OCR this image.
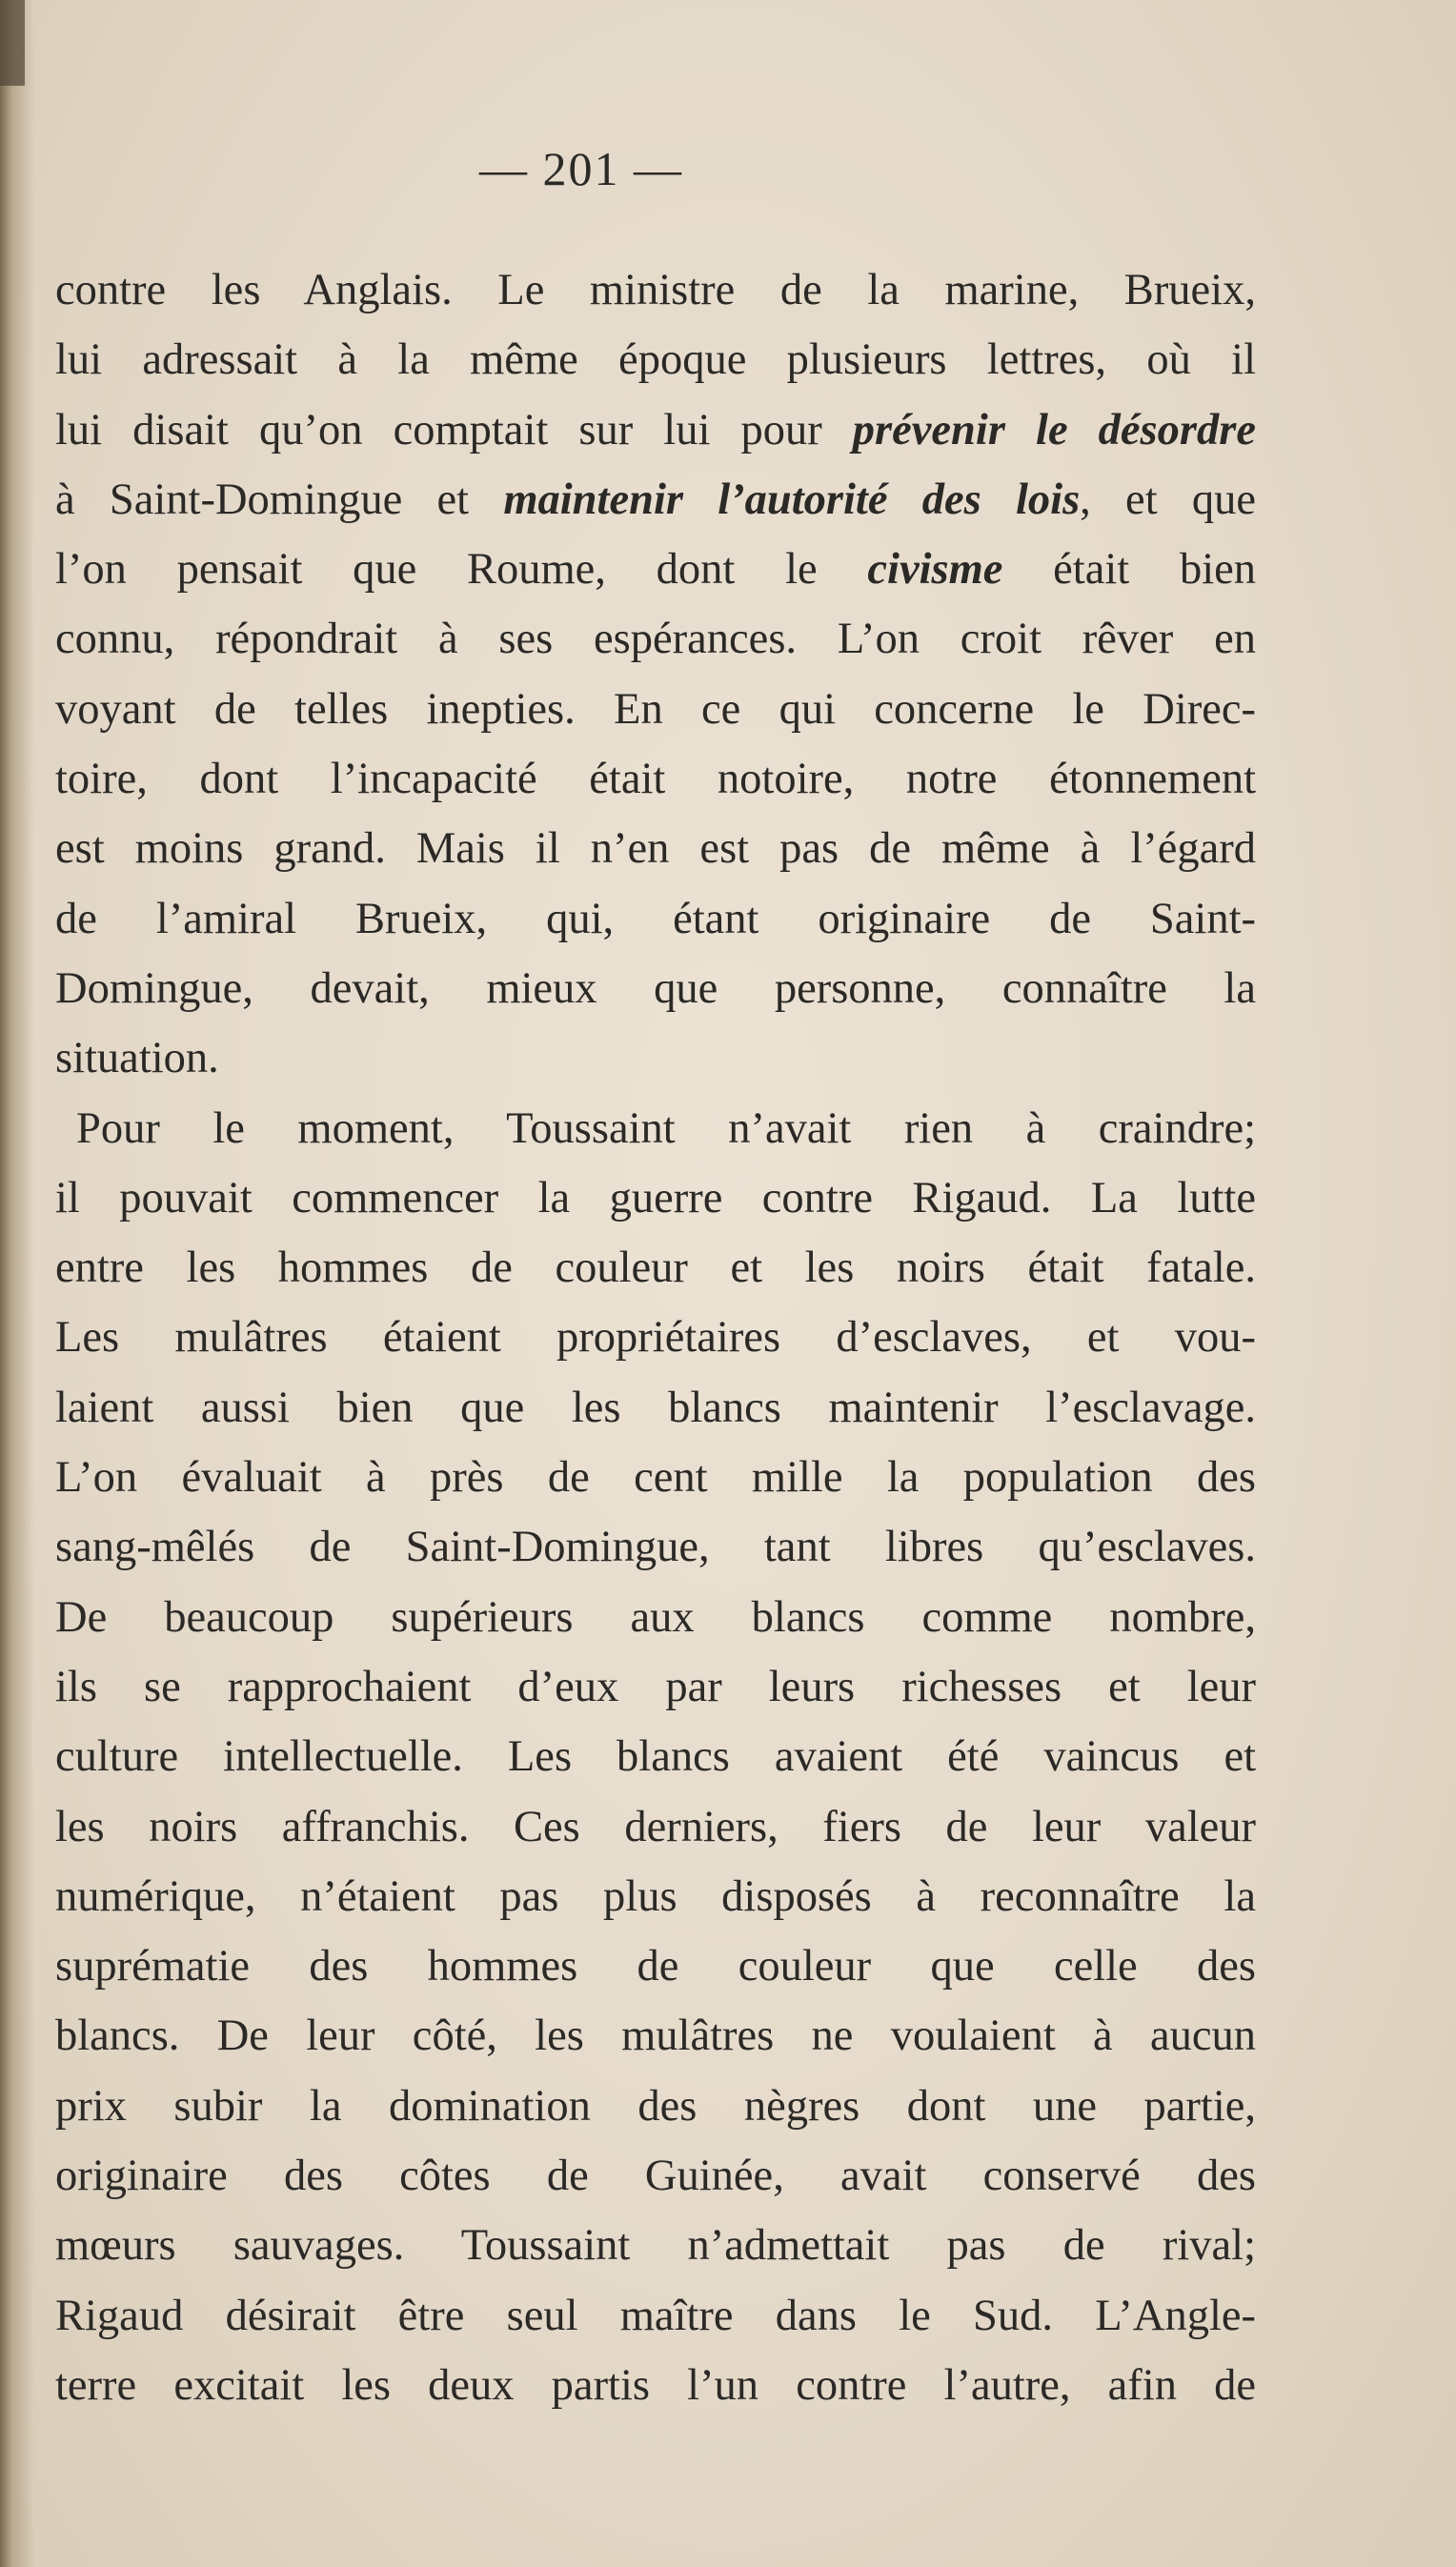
— 201 —
contre les Anglais. Le ministre de la marine, Brueix,
lui adressait à la même époque plusieurs lettres, où il
lui disait qu’on comptait sur lui pour prévenir le désordre
à Saint-Domingue et maintenir l’autorité des lois, et que
l’on pensait que Roume, dont le civisme était bien
connu, répondrait à ses espérances. L’on croit rêver en
voyant de telles inepties. En ce qui concerne le Direc-
toire, dont l’incapacité était notoire, notre étonnement
est moins grand. Mais il n’en est pas de même à l’égard
de l’amiral Brueix, qui, étant originaire de Saint-
Domingue, devait, mieux que personne, connaître la
situation.
Pour le moment, Toussaint n’avait rien à craindre;
il pouvait commencer la guerre contre Rigaud. La lutte
entre les hommes de couleur et les noirs était fatale.
Les mulâtres étaient propriétaires d’esclaves, et vou-
laient aussi bien que les blancs maintenir l’esclavage.
L’on évaluait à près de cent mille la population des
sang-mêlés de Saint-Domingue, tant libres qu’esclaves.
De beaucoup supérieurs aux blancs comme nombre,
ils se rapprochaient d’eux par leurs richesses et leur
culture intellectuelle. Les blancs avaient été vaincus et
les noirs affranchis. Ces derniers, fiers de leur valeur
numérique, n’étaient pas plus disposés à reconnaître la
suprématie des hommes de couleur que celle des
blancs. De leur côté, les mulâtres ne voulaient à aucun
prix subir la domination des nègres dont une partie,
originaire des côtes de Guinée, avait conservé des
mœurs sauvages. Toussaint n’admettait pas de rival;
Rigaud désirait être seul maître dans le Sud. L’Angle-
terre excitait les deux partis l’un contre l’autre, afin de
